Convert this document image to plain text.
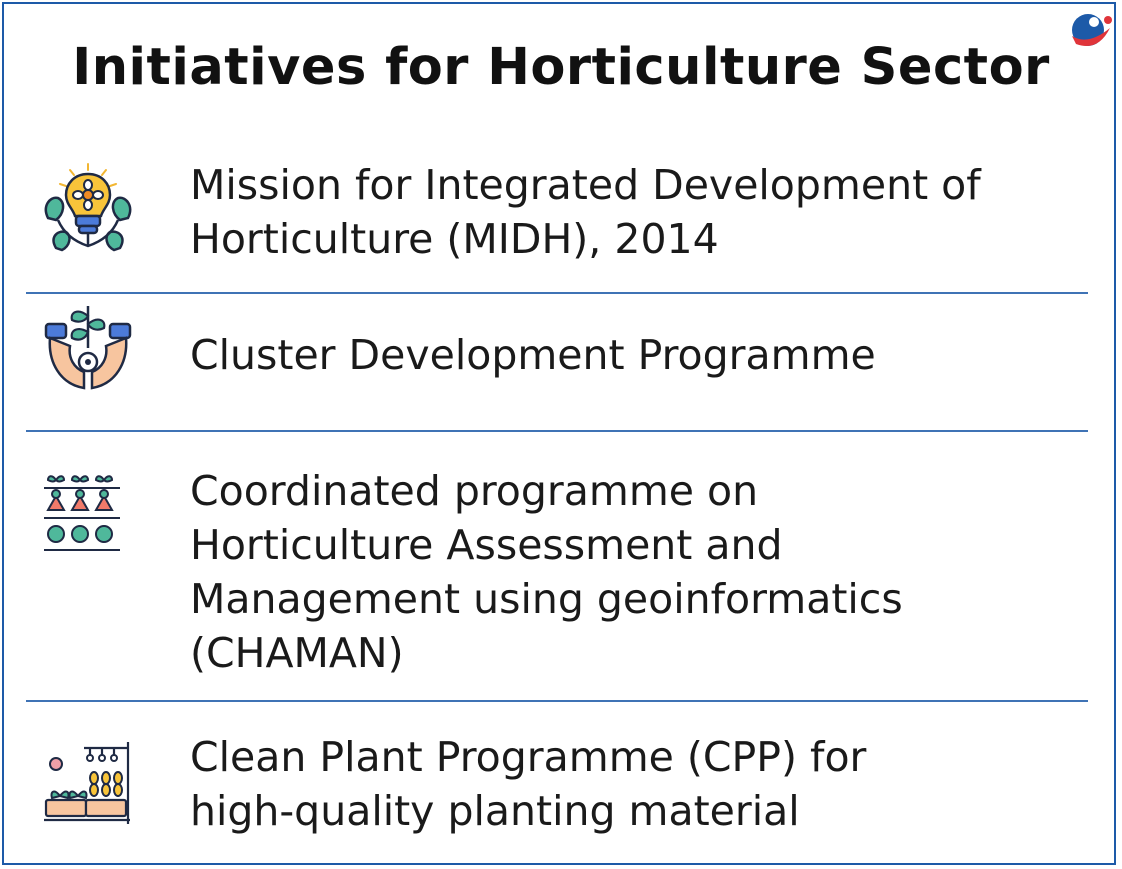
Initiatives for Horticulture Sector
Mission for Integrated Development of
Horticulture (MIDH), 2014
Cluster Development Programme
Coordinated programme on
Horticulture Assessment and
Management using geoinformatics
(CHAMAN)
Clean Plant Programme (CPP) for
high-quality planting material
